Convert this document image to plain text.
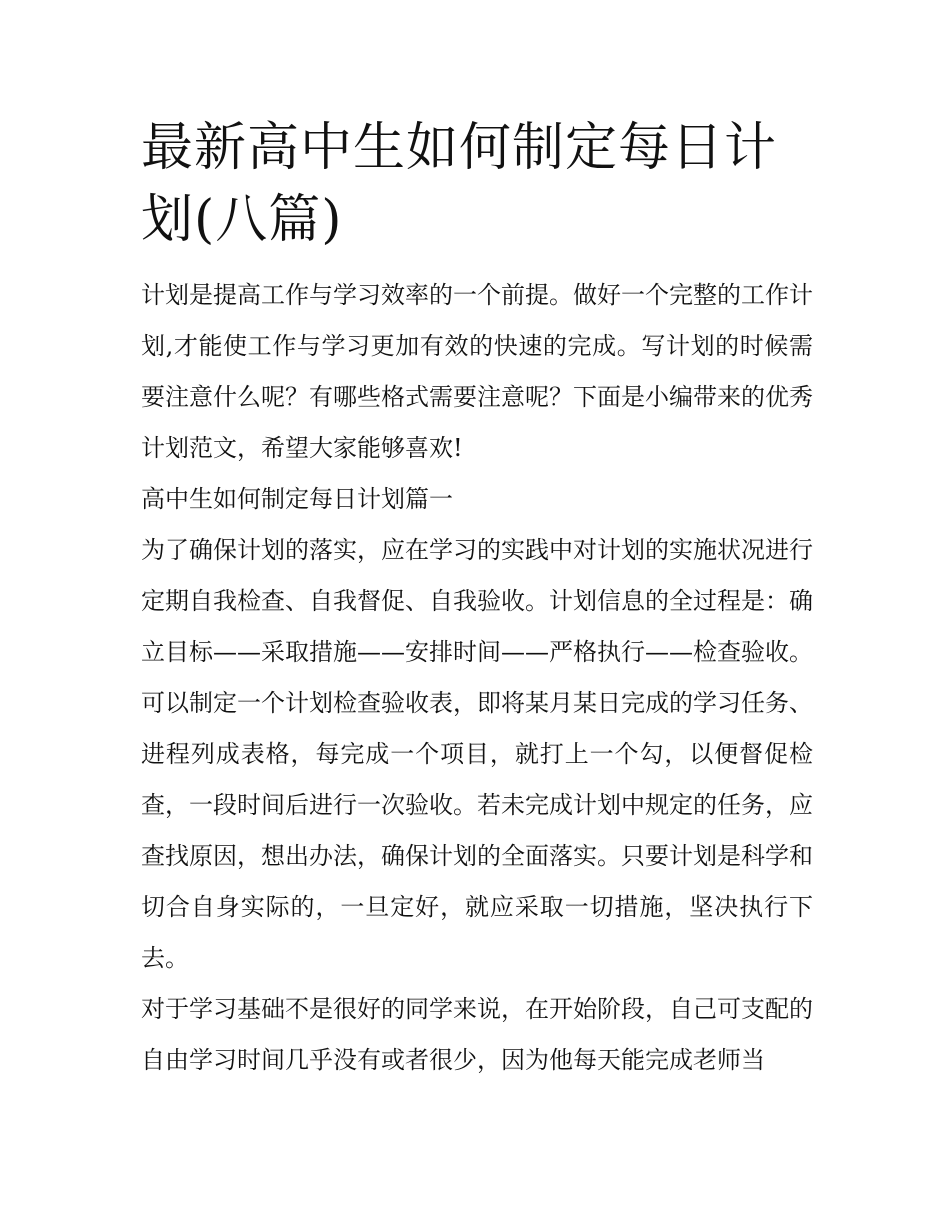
最新高中生如何制定每日计划(八篇)

计划是提高工作与学习效率的一个前提。做好一个完整的工作计划,才能使工作与学习更加有效的快速的完成。写计划的时候需要注意什么呢？有哪些格式需要注意呢？下面是小编带来的优秀计划范文，希望大家能够喜欢!

高中生如何制定每日计划篇一

为了确保计划的落实，应在学习的实践中对计划的实施状况进行定期自我检查、自我督促、自我验收。计划信息的全过程是：确立目标——采取措施——安排时间——严格执行——检查验收。可以制定一个计划检查验收表，即将某月某日完成的学习任务、进程列成表格，每完成一个项目，就打上一个勾，以便督促检查，一段时间后进行一次验收。若未完成计划中规定的任务，应查找原因，想出办法，确保计划的全面落实。只要计划是科学和切合自身实际的，一旦定好，就应采取一切措施，坚决执行下去。

对于学习基础不是很好的同学来说，在开始阶段，自己可支配的自由学习时间几乎没有或者很少，因为他每天能完成老师当
